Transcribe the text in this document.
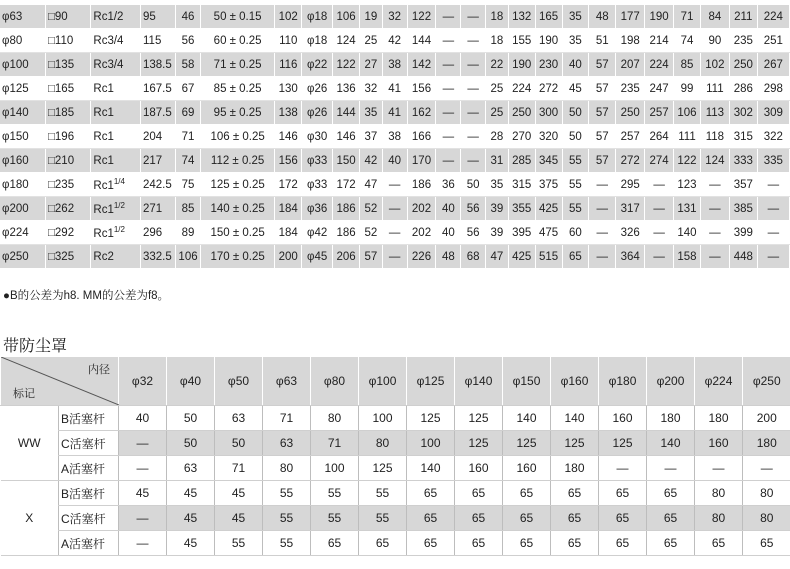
φ63	□90	Rc1/2	95	46	50 ± 0.15	102	φ18	106	19	32	122	—	—	18	132	165	35	48	177	190	71	84	211	224
φ80	□110	Rc3/4	115	56	60 ± 0.25	110	φ18	124	25	42	144	—	—	18	155	190	35	51	198	214	74	90	235	251
φ100	□135	Rc3/4	138.5	58	71 ± 0.25	116	φ22	122	27	38	142	—	—	22	190	230	40	57	207	224	85	102	250	267
φ125	□165	Rc1	167.5	67	85 ± 0.25	130	φ26	136	32	41	156	—	—	25	224	272	45	57	235	247	99	111	286	298
φ140	□185	Rc1	187.5	69	95 ± 0.25	138	φ26	144	35	41	162	—	—	25	250	300	50	57	250	257	106	113	302	309
φ150	□196	Rc1	204	71	106 ± 0.25	146	φ30	146	37	38	166	—	—	28	270	320	50	57	257	264	111	118	315	322
φ160	□210	Rc1	217	74	112 ± 0.25	156	φ33	150	42	40	170	—	—	31	285	345	55	57	272	274	122	124	333	335
φ180	□235	$Rc1^{1/4}$	242.5	75	125 ± 0.25	172	φ33	172	47	—	186	36	50	35	315	375	55	—	295	—	123	—	357	—
φ200	□262	$Rc1^{1/2}$	271	85	140 ± 0.25	184	φ36	186	52	—	202	40	56	39	355	425	55	—	317	—	131	—	385	—
φ224	□292	$Rc1^{1/2}$	296	89	150 ± 0.25	184	φ42	186	52	—	202	40	56	39	395	475	60	—	326	—	140	—	399	—
φ250	□325	Rc2	332.5	106	170 ± 0.25	200	φ45	206	57	—	226	48	68	47	425	515	65	—	364	—	158	—	448	—
●B的公差为h8. MM的公差为f8。
带防尘罩
内径
标记		φ32	φ40	φ50	φ63	φ80	φ100	φ125	φ140	φ150	φ160	φ180	φ200	φ224	φ250
WW	B活塞杆	40	50	63	71	80	100	125	125	140	140	160	180	180	200
	C活塞杆	—	50	50	63	71	80	100	125	125	125	125	140	160	180
	A活塞杆	—	63	71	80	100	125	140	160	160	180	—	—	—	—
X	B活塞杆	45	45	45	55	55	55	65	65	65	65	65	65	80	80
	C活塞杆	—	45	45	55	55	55	65	65	65	65	65	65	80	80
	A活塞杆	—	45	55	55	65	65	65	65	65	65	65	65	65	65
